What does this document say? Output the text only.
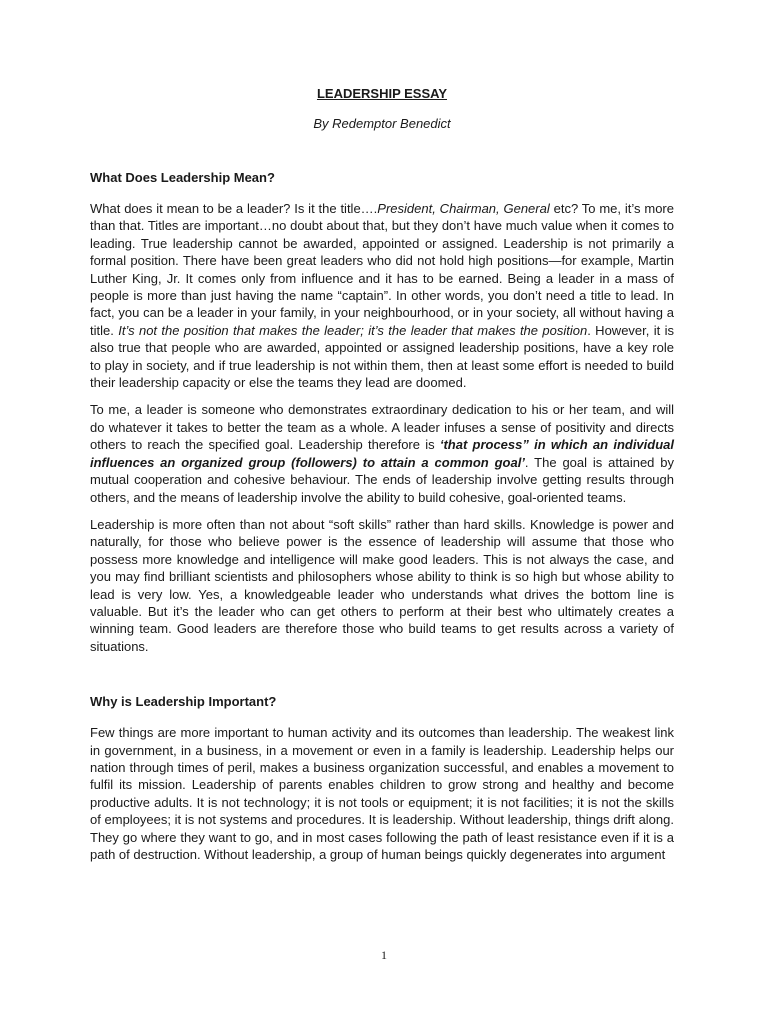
LEADERSHIP ESSAY

By Redemptor Benedict

What Does Leadership Mean?

What does it mean to be a leader? Is it the title….President, Chairman, General etc? To me, it’s more than that. Titles are important…no doubt about that, but they don’t have much value when it comes to leading. True leadership cannot be awarded, appointed or assigned. Leadership is not primarily a formal position. There have been great leaders who did not hold high positions—for example, Martin Luther King, Jr. It comes only from influence and it has to be earned. Being a leader in a mass of people is more than just having the name “captain”. In other words, you don’t need a title to lead. In fact, you can be a leader in your family, in your neighbourhood, or in your society, all without having a title. It’s not the position that makes the leader; it’s the leader that makes the position. However, it is also true that people who are awarded, appointed or assigned leadership positions, have a key role to play in society, and if true leadership is not within them, then at least some effort is needed to build their leadership capacity or else the teams they lead are doomed.

To me, a leader is someone who demonstrates extraordinary dedication to his or her team, and will do whatever it takes to better the team as a whole. A leader infuses a sense of positivity and directs others to reach the specified goal. Leadership therefore is ‘that process” in which an individual influences an organized group (followers) to attain a common goal’. The goal is attained by mutual cooperation and cohesive behaviour. The ends of leadership involve getting results through others, and the means of leadership involve the ability to build cohesive, goal-oriented teams.

Leadership is more often than not about “soft skills” rather than hard skills. Knowledge is power and naturally, for those who believe power is the essence of leadership will assume that those who possess more knowledge and intelligence will make good leaders. This is not always the case, and you may find brilliant scientists and philosophers whose ability to think is so high but whose ability to lead is very low. Yes, a knowledgeable leader who understands what drives the bottom line is valuable. But it’s the leader who can get others to perform at their best who ultimately creates a winning team. Good leaders are therefore those who build teams to get results across a variety of situations.

Why is Leadership Important?

Few things are more important to human activity and its outcomes than leadership. The weakest link in government, in a business, in a movement or even in a family is leadership. Leadership helps our nation through times of peril, makes a business organization successful, and enables a movement to fulfil its mission. Leadership of parents enables children to grow strong and healthy and become productive adults. It is not technology; it is not tools or equipment; it is not facilities; it is not the skills of employees; it is not systems and procedures. It is leadership. Without leadership, things drift along. They go where they want to go, and in most cases following the path of least resistance even if it is a path of destruction. Without leadership, a group of human beings quickly degenerates into argument

1
